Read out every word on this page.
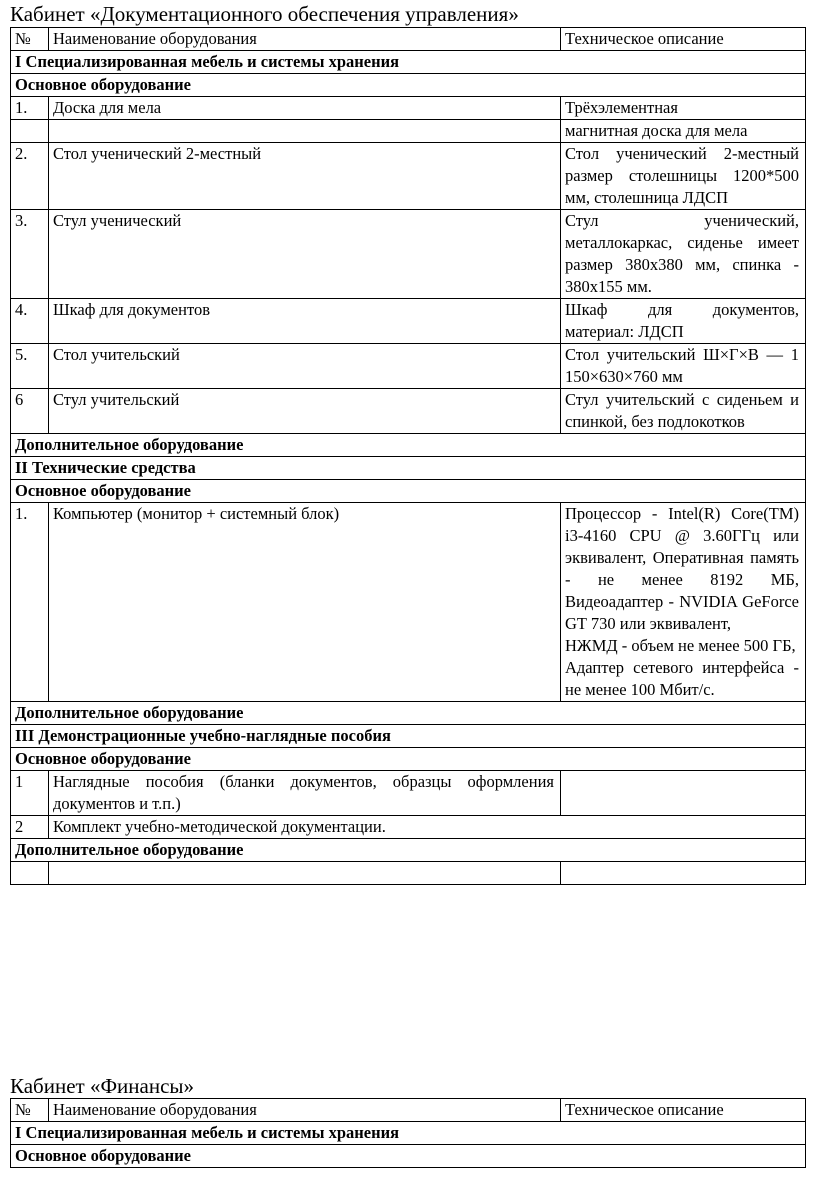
Кабинет «Документационного обеспечения управления»
№	Наименование оборудования	Техническое описание
I Специализированная мебель и системы хранения		
Основное оборудование		
1.	Доска для мела	Трёхэлементная
		магнитная доска для мела
2.	Стол ученический 2-местный	Стол ученический 2-местный размер столешницы 1200*500 мм, столешница ЛДСП
3.	Стул ученический	Стул ученический, металлокаркас, сиденье имеет размер 380х380 мм, спинка - 380х155 мм.
4.	Шкаф для документов	Шкаф для документов, материал: ЛДСП
5.	Стол учительский	Стол учительский Ш×Г×В — 1 150×630×760 мм
6	Стул учительский	Стул учительский с сиденьем и спинкой, без подлокотков
Дополнительное оборудование		
II Технические средства		
Основное оборудование		
1.	Компьютер (монитор + системный блок)	Процессор - Intel(R) Core(TM) i3-4160 CPU @ 3.60ГГц или эквивалент, Оперативная память - не менее 8192 МБ, Видеоадаптер - NVIDIA GeForce GT 730 или эквивалент,
НЖМД - объем не менее 500 ГБ,
Адаптер сетевого интерфейса - не менее 100 Мбит/с.

Дополнительное оборудование		
III Демонстрационные учебно-наглядные пособия		
Основное оборудование		
1	Наглядные пособия (бланки документов, образцы оформления документов и т.п.)	
2	Комплект учебно-методической документации.	
Дополнительное оборудование		

Кабинет «Финансы»
№	Наименование оборудования	Техническое описание
I Специализированная мебель и системы хранения
Основное оборудование
